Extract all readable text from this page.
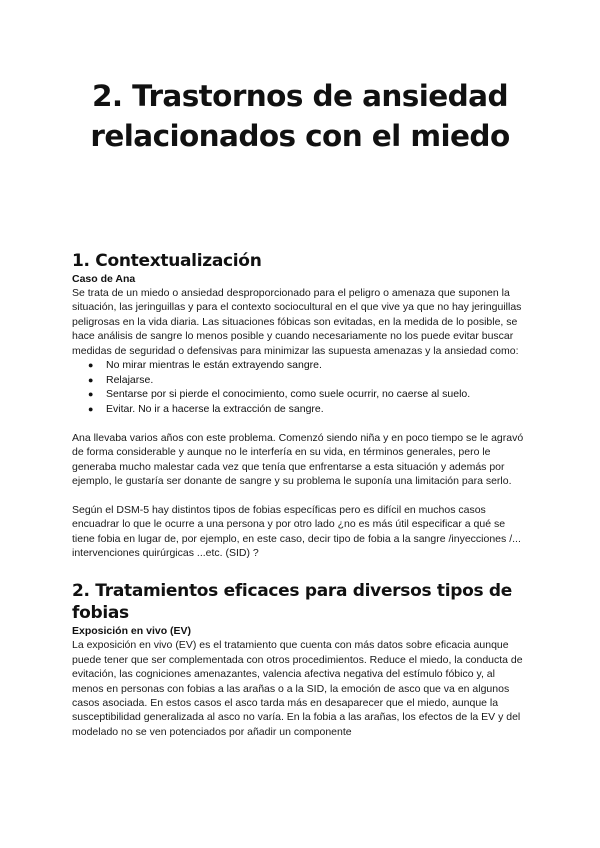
2. Trastornos de ansiedad relacionados con el miedo
1. Contextualización
Caso de Ana

Se trata de un miedo o ansiedad desproporcionado para el peligro o amenaza que suponen la situación, las jeringuillas y para el contexto sociocultural en el que vive ya que no hay jeringuillas peligrosas en la vida diaria. Las situaciones fóbicas son evitadas, en la medida de lo posible, se hace análisis de sangre lo menos posible y cuando necesariamente no los puede evitar buscar medidas de seguridad o defensivas para minimizar las supuesta amenazas y la ansiedad como:

● No mirar mientras le están extrayendo sangre.
● Relajarse.
● Sentarse por si pierde el conocimiento, como suele ocurrir, no caerse al suelo.
● Evitar. No ir a hacerse la extracción de sangre.

Ana llevaba varios años con este problema. Comenzó siendo niña y en poco tiempo se le agravó de forma considerable y aunque no le interfería en su vida, en términos generales, pero le generaba mucho malestar cada vez que tenía que enfrentarse a esta situación y además por ejemplo, le gustaría ser donante de sangre y su problema le suponía una limitación para serlo.

Según el DSM-5 hay distintos tipos de fobias específicas pero es difícil en muchos casos encuadrar lo que le ocurre a una persona y por otro lado ¿no es más útil especificar a qué se tiene fobia en lugar de, por ejemplo, en este caso, decir tipo de fobia a la sangre /inyecciones /... intervenciones quirúrgicas ...etc. (SID) ?

2. Tratamientos eficaces para diversos tipos de fobias
Exposición en vivo (EV)

La exposición en vivo (EV) es el tratamiento que cuenta con más datos sobre eficacia aunque puede tener que ser complementada con otros procedimientos. Reduce el miedo, la conducta de evitación, las cogniciones amenazantes, valencia afectiva negativa del estímulo fóbico y, al menos en personas con fobias a las arañas o a la SID, la emoción de asco que va en algunos casos asociada. En estos casos el asco tarda más en desaparecer que el miedo, aunque la susceptibilidad generalizada al asco no varía. En la fobia a las arañas, los efectos de la EV y del modelado no se ven potenciados por añadir un componente
